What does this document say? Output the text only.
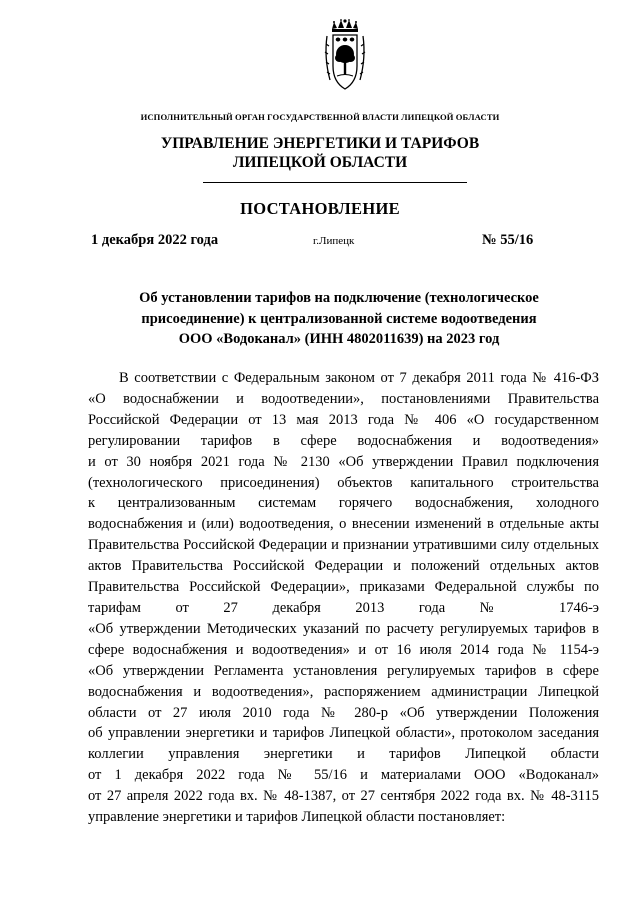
ИСПОЛНИТЕЛЬНЫЙ ОРГАН ГОСУДАРСТВЕННОЙ ВЛАСТИ ЛИПЕЦКОЙ ОБЛАСТИ
УПРАВЛЕНИЕ ЭНЕРГЕТИКИ И ТАРИФОВ
ЛИПЕЦКОЙ ОБЛАСТИ
ПОСТАНОВЛЕНИЕ
1 декабря 2022 года	г.Липецк	№ 55/16
Об установлении тарифов на подключение (технологическое
присоединение) к централизованной системе водоотведения
ООО «Водоканал» (ИНН 4802011639) на 2023 год
В соответствии с Федеральным законом от 7 декабря 2011 года № 416-ФЗ
«О водоснабжении и водоотведении», постановлениями Правительства
Российской Федерации от 13 мая 2013 года № 406 «О государственном
регулировании тарифов в сфере водоснабжения и водоотведения»
и от 30 ноября 2021 года № 2130 «Об утверждении Правил подключения
(технологического присоединения) объектов капитального строительства
к централизованным системам горячего водоснабжения, холодного
водоснабжения и (или) водоотведения, о внесении изменений в отдельные акты
Правительства Российской Федерации и признании утратившими силу отдельных
актов Правительства Российской Федерации и положений отдельных актов
Правительства Российской Федерации», приказами Федеральной службы по
тарифам от 27 декабря 2013 года № 1746-э
«Об утверждении Методических указаний по расчету регулируемых тарифов в
сфере водоснабжения и водоотведения» и от 16 июля 2014 года № 1154-э
«Об утверждении Регламента установления регулируемых тарифов в сфере
водоснабжения и водоотведения», распоряжением администрации Липецкой
области от 27 июля 2010 года № 280-р «Об утверждении Положения
об управлении энергетики и тарифов Липецкой области», протоколом заседания
коллегии управления энергетики и тарифов Липецкой области
от 1 декабря 2022 года № 55/16 и материалами ООО «Водоканал»
от 27 апреля 2022 года вх. № 48-1387, от 27 сентября 2022 года вх. № 48-3115
управление энергетики и тарифов Липецкой области постановляет:
